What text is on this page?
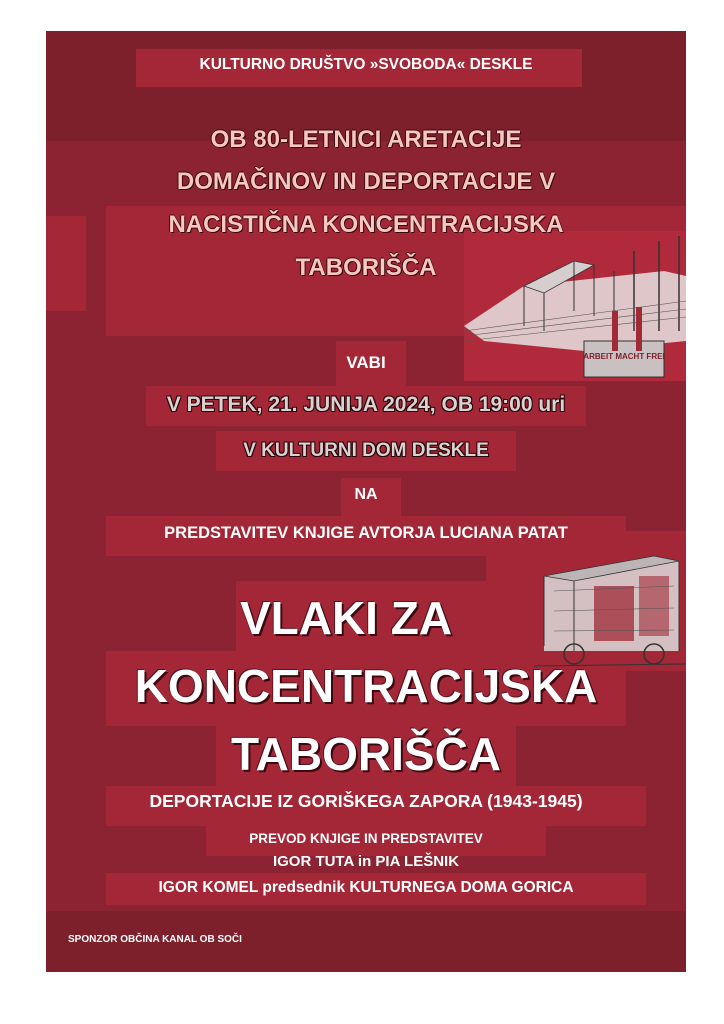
ARBEIT MACHT FREI
KULTURNO DRUŠTVO »SVOBODA« DESKLE
OB 80-LETNICI ARETACIJE
DOMAČINOV IN DEPORTACIJE V
NACISTIČNA KONCENTRACIJSKA
TABORIŠČA
VABI
V PETEK, 21. JUNIJA 2024, OB 19:00 uri
V KULTURNI DOM DESKLE
NA
PREDSTAVITEV KNJIGE AVTORJA LUCIANA PATAT
VLAKI ZA
KONCENTRACIJSKA
TABORIŠČA
DEPORTACIJE IZ GORIŠKEGA ZAPORA (1943-1945)
PREVOD KNJIGE IN PREDSTAVITEV
IGOR TUTA in PIA LEŠNIK
IGOR KOMEL predsednik KULTURNEGA DOMA GORICA
SPONZOR OBČINA KANAL OB SOČI
